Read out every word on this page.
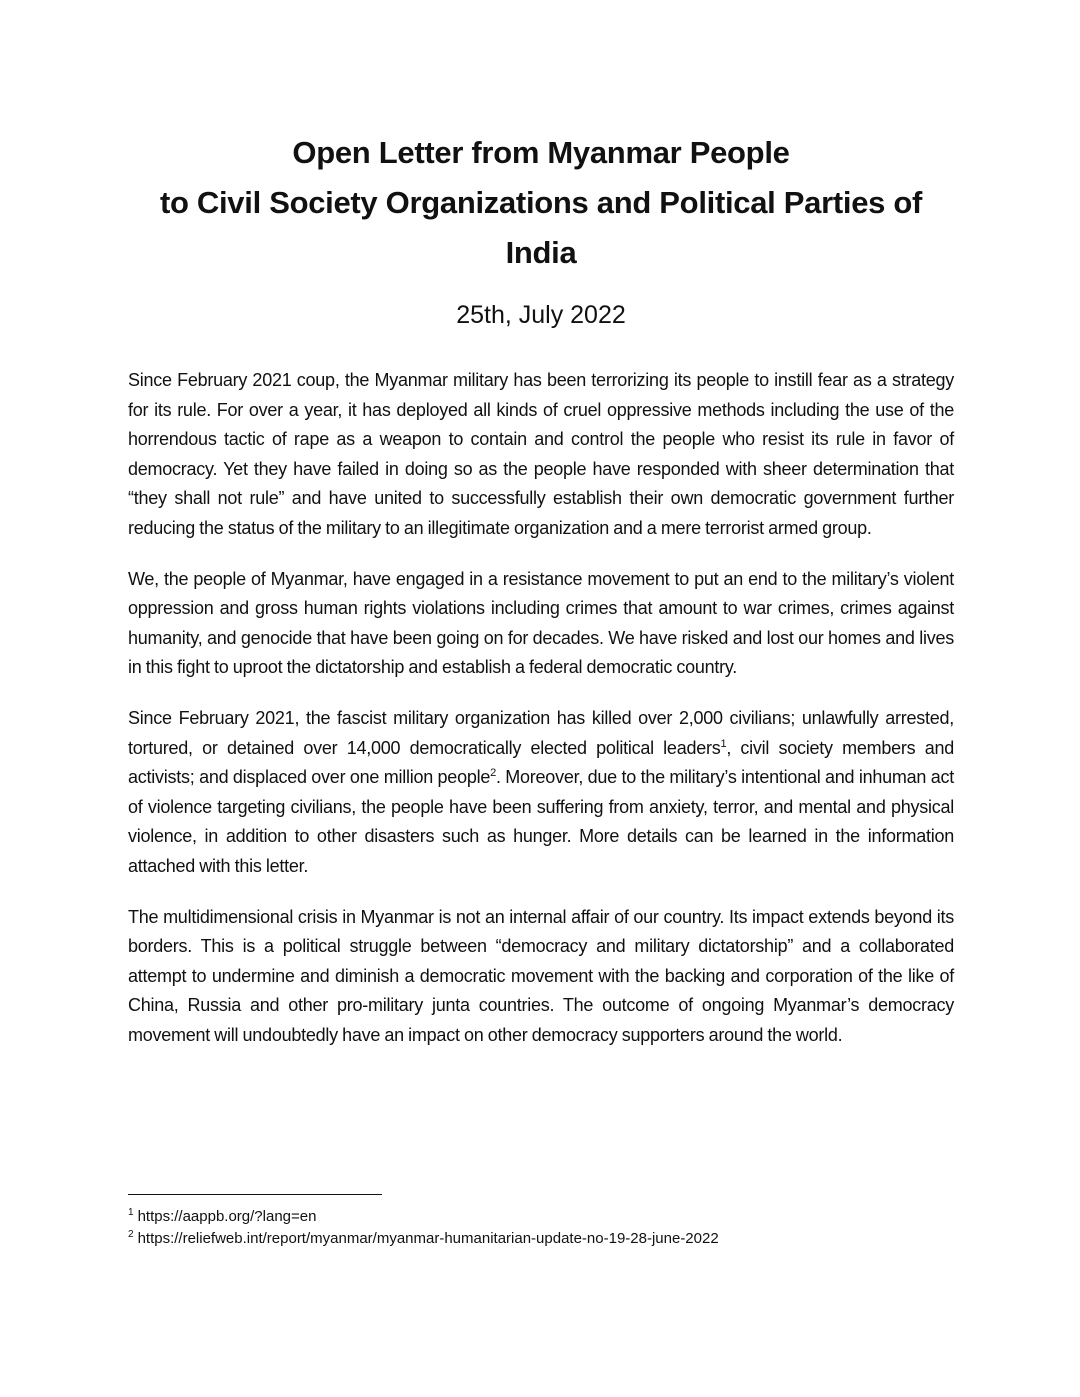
Open Letter from Myanmar People
to Civil Society Organizations and Political Parties of
India
25th, July 2022

Since February 2021 coup, the Myanmar military has been terrorizing its people to instill fear as a strategy for its rule. For over a year, it has deployed all kinds of cruel oppressive methods including the use of the horrendous tactic of rape as a weapon to contain and control the people who resist its rule in favor of democracy. Yet they have failed in doing so as the people have responded with sheer determination that “they shall not rule” and have united to successfully establish their own democratic government further reducing the status of the military to an illegitimate organization and a mere terrorist armed group.

We, the people of Myanmar, have engaged in a resistance movement to put an end to the military’s violent oppression and gross human rights violations including crimes that amount to war crimes, crimes against humanity, and genocide that have been going on for decades. We have risked and lost our homes and lives in this fight to uproot the dictatorship and establish a federal democratic country.

Since February 2021, the fascist military organization has killed over 2,000 civilians; unlawfully arrested, tortured, or detained over 14,000 democratically elected political leaders$^1$, civil society members and activists; and displaced over one million people$^2$. Moreover, due to the military’s intentional and inhuman act of violence targeting civilians, the people have been suffering from anxiety, terror, and mental and physical violence, in addition to other disasters such as hunger. More details can be learned in the information attached with this letter.

The multidimensional crisis in Myanmar is not an internal affair of our country. Its impact extends beyond its borders. This is a political struggle between “democracy and military dictatorship” and a collaborated attempt to undermine and diminish a democratic movement with the backing and corporation of the like of China, Russia and other pro-military junta countries. The outcome of ongoing Myanmar’s democracy movement will undoubtedly have an impact on other democracy supporters around the world.

$^1$ https://aappb.org/?lang=en
$^2$ https://reliefweb.int/report/myanmar/myanmar-humanitarian-update-no-19-28-june-2022
